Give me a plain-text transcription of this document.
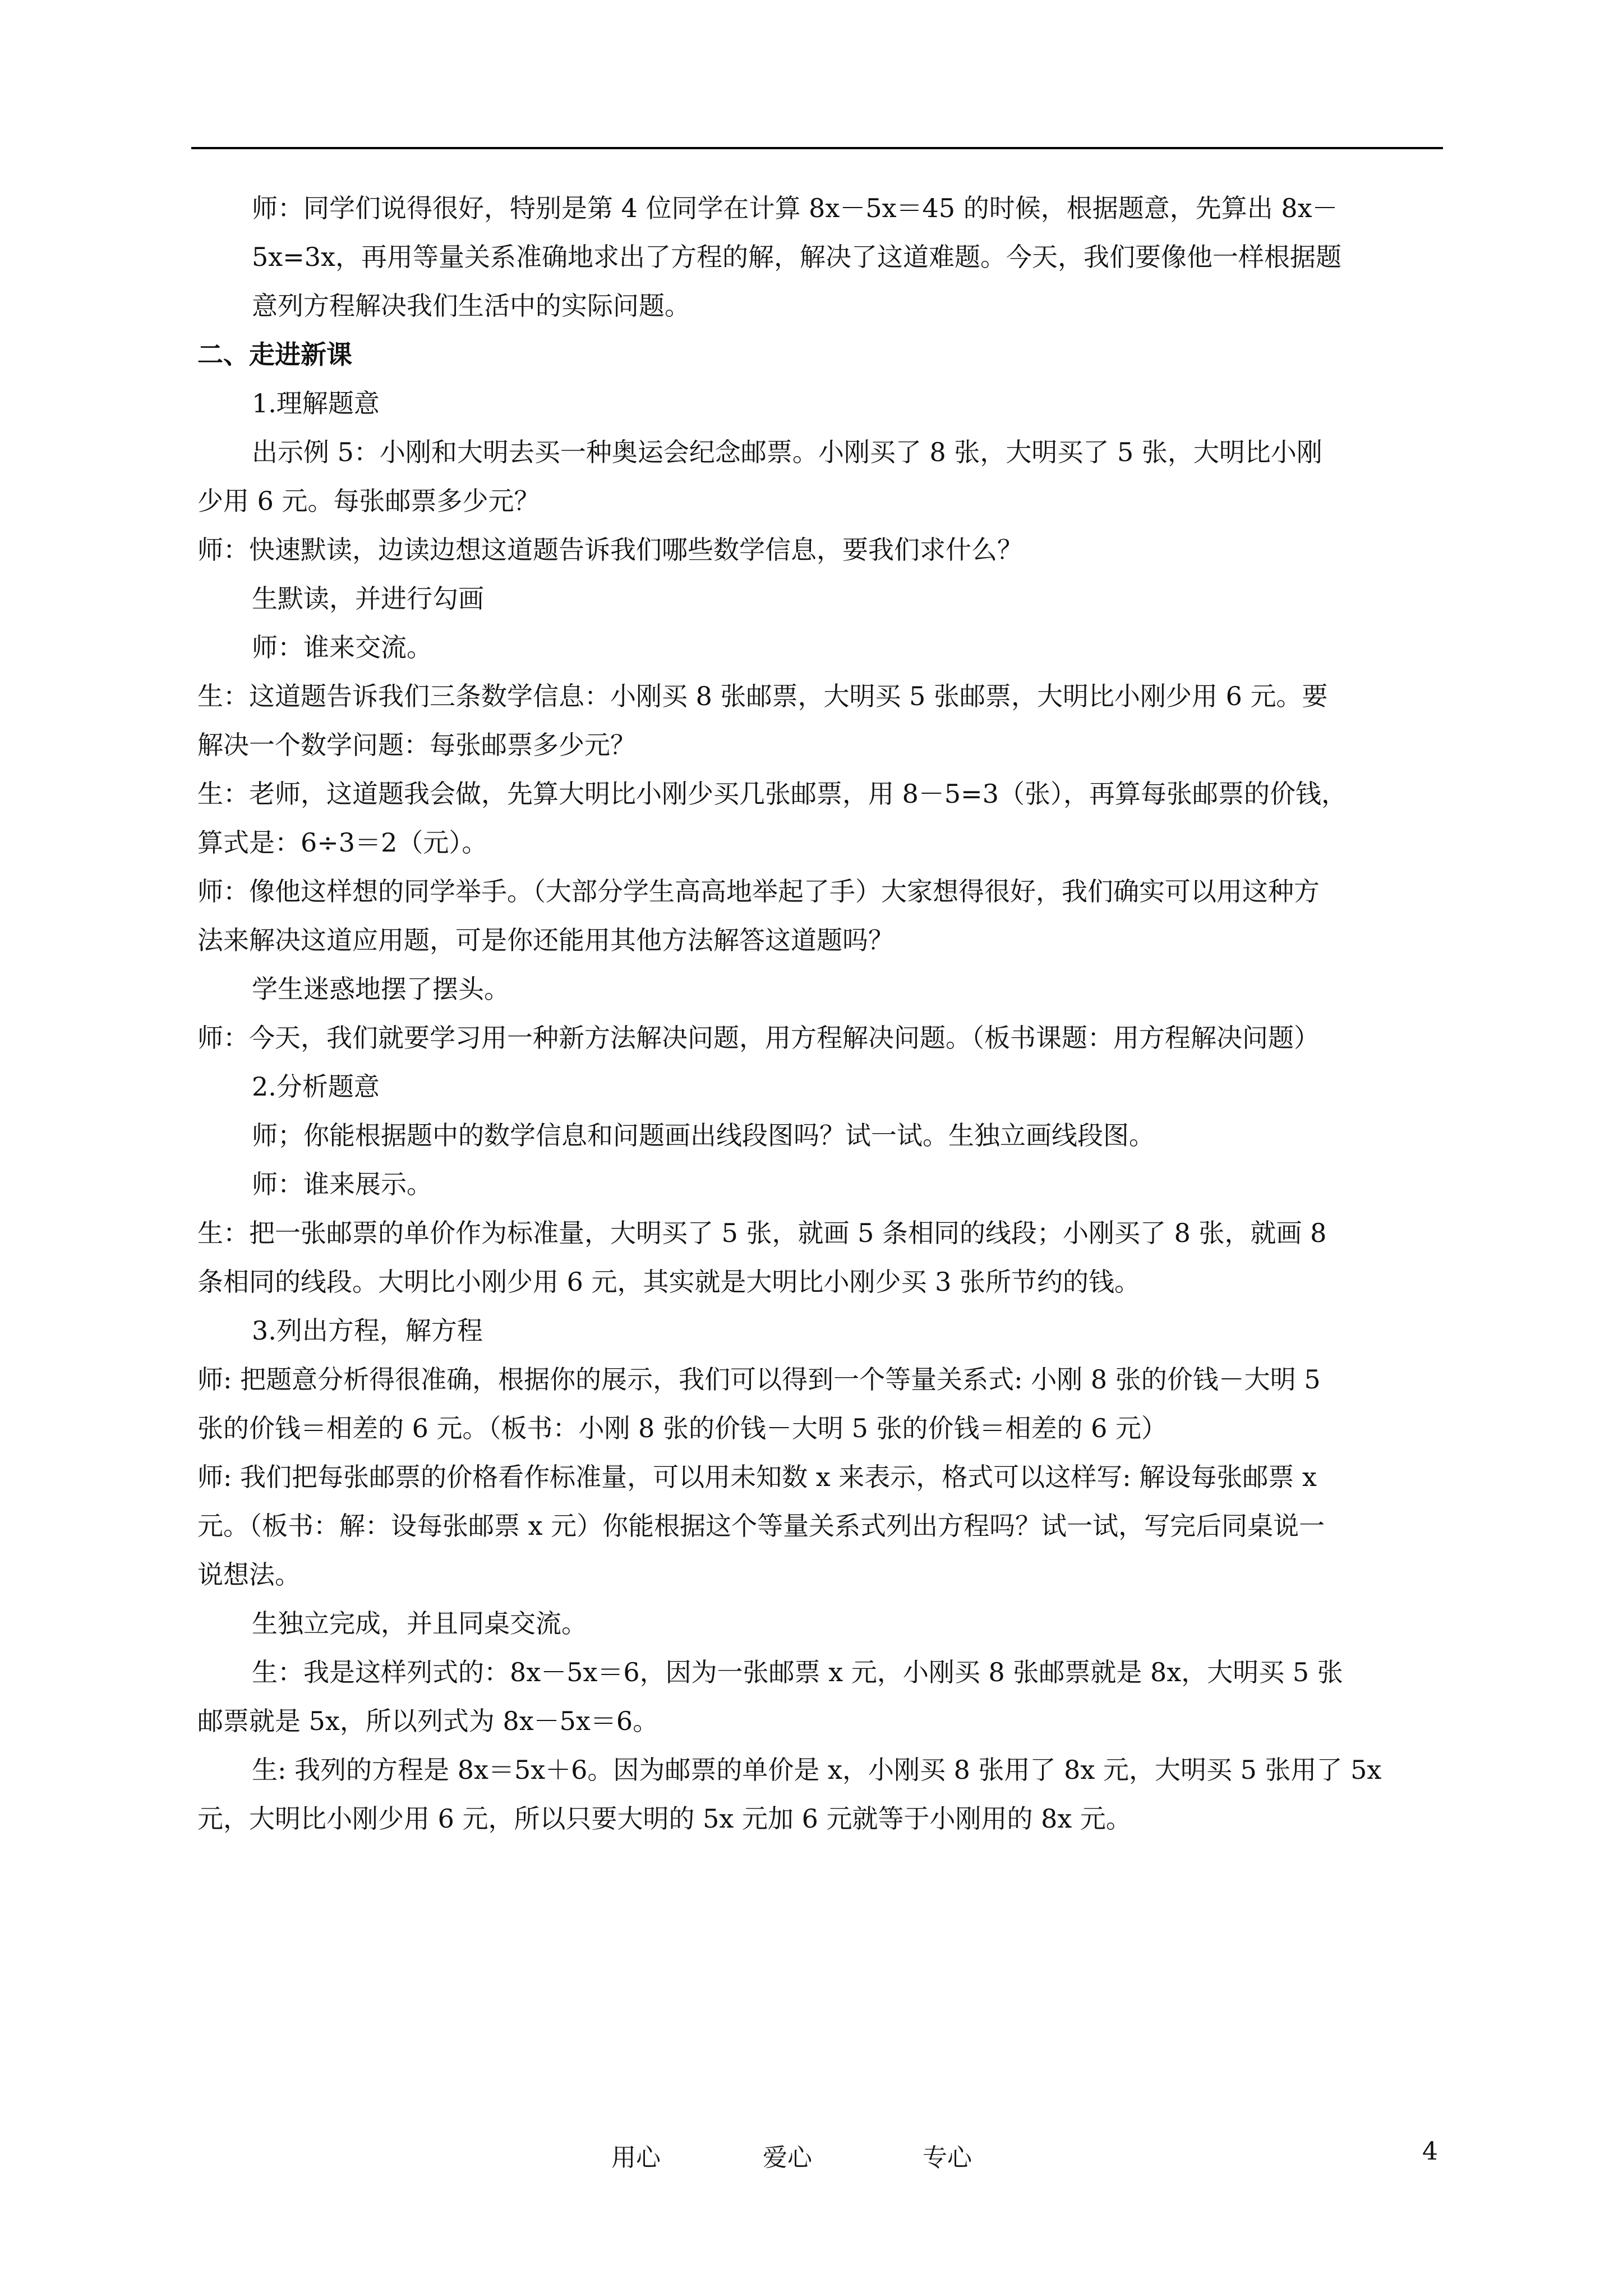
师：同学们说得很好，特别是第 4 位同学在计算 8x－5x＝45 的时候，根据题意，先算出 8x－
5x=3x，再用等量关系准确地求出了方程的解，解决了这道难题。今天，我们要像他一样根据题
意列方程解决我们生活中的实际问题。
二、走进新课
1.理解题意
出示例 5：小刚和大明去买一种奥运会纪念邮票。小刚买了 8 张，大明买了 5 张，大明比小刚
少用 6 元。每张邮票多少元？
师：快速默读，边读边想这道题告诉我们哪些数学信息，要我们求什么？
生默读，并进行勾画
师：谁来交流。
生：这道题告诉我们三条数学信息：小刚买 8 张邮票，大明买 5 张邮票，大明比小刚少用 6 元。要
解决一个数学问题：每张邮票多少元？
生：老师，这道题我会做，先算大明比小刚少买几张邮票，用 8－5=3（张），再算每张邮票的价钱，
算式是：6÷3＝2（元）。
师：像他这样想的同学举手。（大部分学生高高地举起了手）大家想得很好，我们确实可以用这种方
法来解决这道应用题，可是你还能用其他方法解答这道题吗？
学生迷惑地摆了摆头。
师：今天，我们就要学习用一种新方法解决问题，用方程解决问题。（板书课题：用方程解决问题）
2.分析题意
师；你能根据题中的数学信息和问题画出线段图吗？试一试。生独立画线段图。
师：谁来展示。
生：把一张邮票的单价作为标准量，大明买了 5 张，就画 5 条相同的线段；小刚买了 8 张，就画 8
条相同的线段。大明比小刚少用 6 元，其实就是大明比小刚少买 3 张所节约的钱。
3.列出方程，解方程
师: 把题意分析得很准确，根据你的展示，我们可以得到一个等量关系式: 小刚 8 张的价钱－大明 5
张的价钱＝相差的 6 元。（板书：小刚 8 张的价钱－大明 5 张的价钱＝相差的 6 元）
师: 我们把每张邮票的价格看作标准量，可以用未知数 x 来表示，格式可以这样写: 解设每张邮票 x
元。（板书：解：设每张邮票 x 元）你能根据这个等量关系式列出方程吗？试一试，写完后同桌说一
说想法。
生独立完成，并且同桌交流。
生：我是这样列式的：8x－5x＝6，因为一张邮票 x 元，小刚买 8 张邮票就是 8x，大明买 5 张
邮票就是 5x，所以列式为 8x－5x＝6。
生: 我列的方程是 8x＝5x＋6。因为邮票的单价是 x，小刚买 8 张用了 8x 元，大明买 5 张用了 5x
元，大明比小刚少用 6 元，所以只要大明的 5x 元加 6 元就等于小刚用的 8x 元。
用心	爱心	专心	4
